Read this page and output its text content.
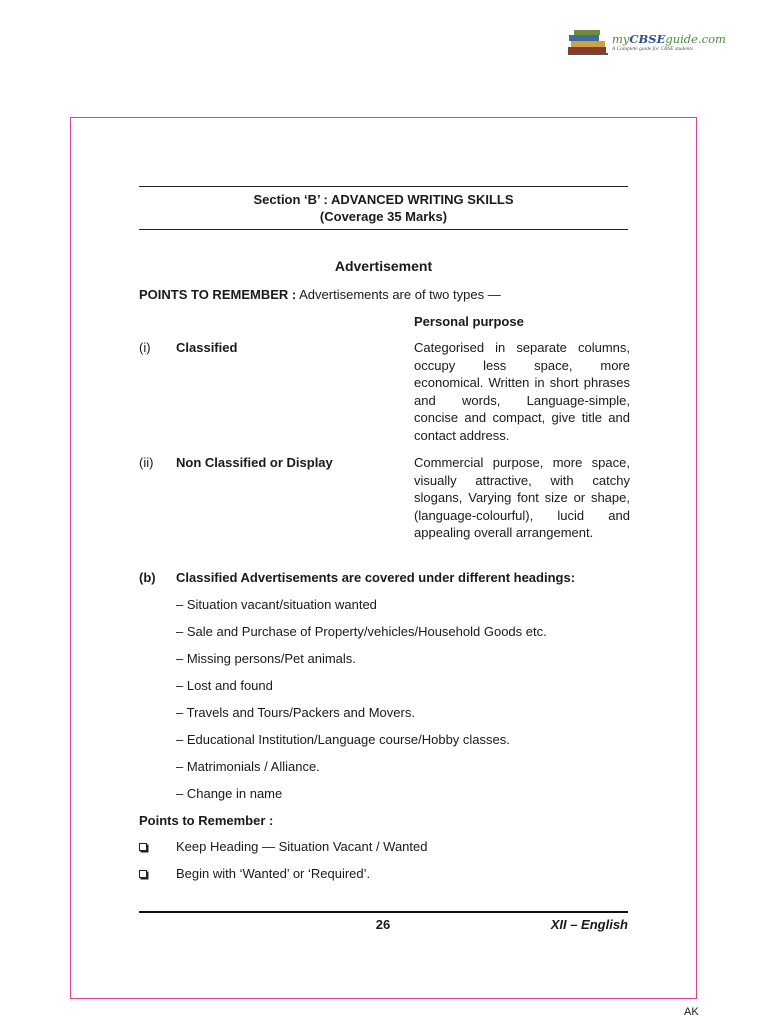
myCBSEguide.com
A Complete guide for CBSE students
Section ‘B’ : ADVANCED WRITING SKILLS
(Coverage 35 Marks)
Advertisement
POINTS TO REMEMBER : Advertisements are of two types —
Personal purpose
(i) Classified	Categorised in separate columns, occupy less space, more economical. Written in short phrases and words, Language-simple, concise and compact, give title and contact address.
(ii) Non Classified or Display	Commercial purpose, more space, visually attractive, with catchy slogans, Varying font size or shape, (language-colourful), lucid and appealing overall arrangement.
(b) Classified Advertisements are covered under different headings:
– Situation vacant/situation wanted
– Sale and Purchase of Property/vehicles/Household Goods etc.
– Missing persons/Pet animals.
– Lost and found
– Travels and Tours/Packers and Movers.
– Educational Institution/Language course/Hobby classes.
– Matrimonials / Alliance.
– Change in name
Points to Remember :
Keep Heading — Situation Vacant / Wanted
Begin with ‘Wanted’ or ‘Required’.
26	XII – English
AK
